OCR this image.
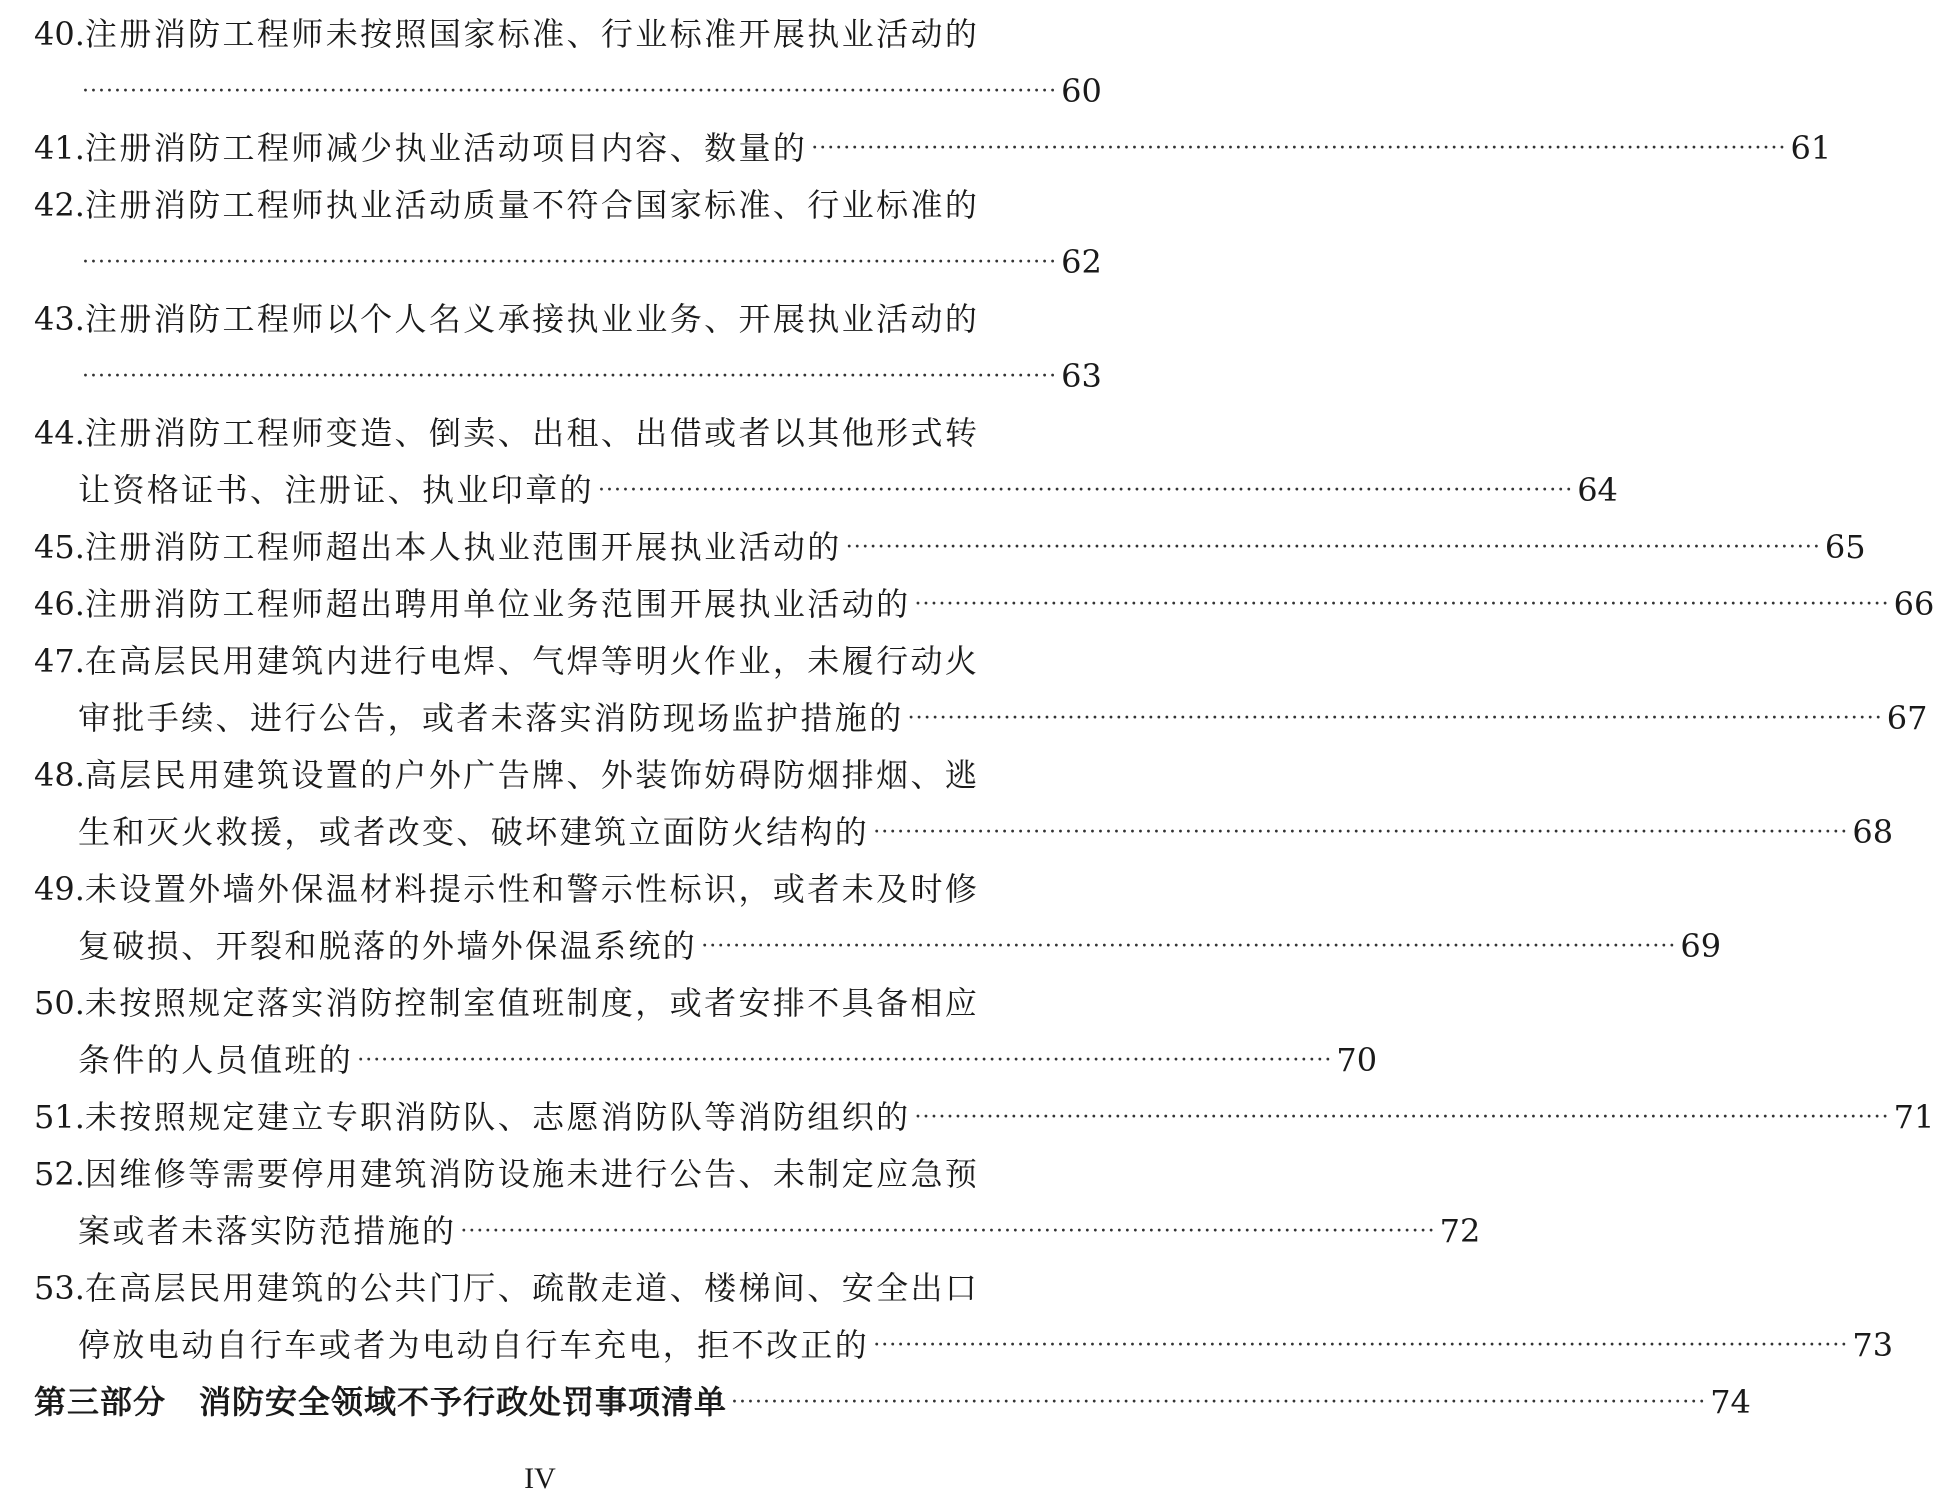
40. 注册消防工程师未按照国家标准、行业标准开展执业活动的
·····
60
41. 注册消防工程师减少执业活动项目内容、数量的 ·····	61
42. 注册消防工程师执业活动质量不符合国家标准、行业标准的
·····
62
43. 注册消防工程师以个人名义承接执业业务、开展执业活动的
·····
63
44. 注册消防工程师变造、倒卖、出租、出借或者以其他形式转
让资格证书、注册证、执业印章的 ·····	64
45. 注册消防工程师超出本人执业范围开展执业活动的 ·····	65
46. 注册消防工程师超出聘用单位业务范围开展执业活动的 ·····	66
47. 在高层民用建筑内进行电焊、气焊等明火作业，未履行动火
审批手续、进行公告，或者未落实消防现场监护措施的 ·····	67
48. 高层民用建筑设置的户外广告牌、外装饰妨碍防烟排烟、逃
生和灭火救援，或者改变、破坏建筑立面防火结构的 ·····	68
49. 未设置外墙外保温材料提示性和警示性标识，或者未及时修
复破损、开裂和脱落的外墙外保温系统的 ·····	69
50. 未按照规定落实消防控制室值班制度，或者安排不具备相应
条件的人员值班的 ·····	70
51. 未按照规定建立专职消防队、志愿消防队等消防组织的 ·····	71
52. 因维修等需要停用建筑消防设施未进行公告、未制定应急预
案或者未落实防范措施的 ·····	72
53. 在高层民用建筑的公共门厅、疏散走道、楼梯间、安全出口
停放电动自行车或者为电动自行车充电，拒不改正的 ·····	73
第三部分　消防安全领域不予行政处罚事项清单 ·····	74
IV
